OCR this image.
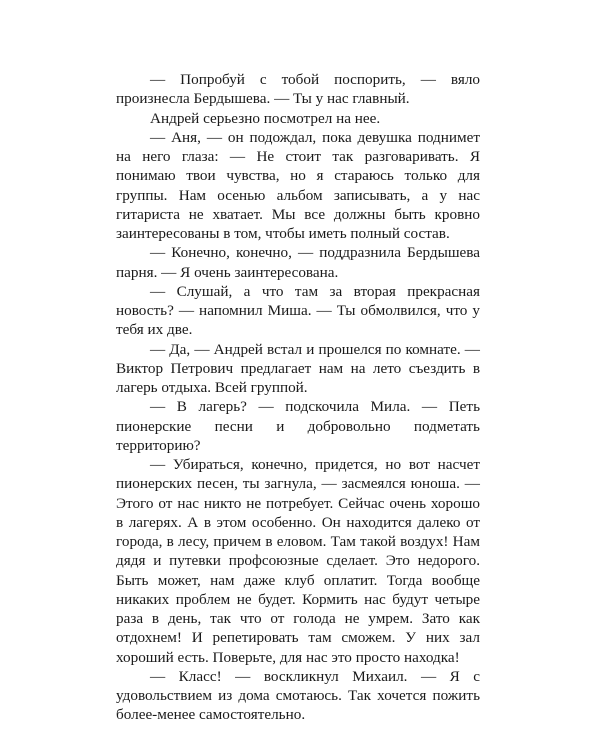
— Попробуй с тобой поспорить, — вяло произнесла Бердышева. — Ты у нас главный.

Андрей серьезно посмотрел на нее.

— Аня, — он подождал, пока девушка поднимет на него глаза: — Не стоит так разговаривать. Я понимаю твои чувства, но я стараюсь только для группы. Нам осенью альбом записывать, а у нас гитариста не хватает. Мы все должны быть кровно заинтересованы в том, чтобы иметь полный состав.

— Конечно, конечно, — поддразнила Бердышева парня. — Я очень заинтересована.

— Слушай, а что там за вторая прекрасная новость? — напомнил Миша. — Ты обмолвился, что у тебя их две.

— Да, — Андрей встал и прошелся по комнате. — Виктор Петрович предлагает нам на лето съездить в лагерь отдыха. Всей группой.

— В лагерь? — подскочила Мила. — Петь пионерские песни и добровольно подметать территорию?

— Убираться, конечно, придется, но вот насчет пионерских песен, ты загнула, — засмеялся юноша. — Этого от нас никто не потребует. Сейчас очень хорошо в лагерях. А в этом особенно. Он находится далеко от города, в лесу, причем в еловом. Там такой воздух! Нам дядя и путевки профсоюзные сделает. Это недорого. Быть может, нам даже клуб оплатит. Тогда вообще никаких проблем не будет. Кормить нас будут четыре раза в день, так что от голода не умрем. Зато как отдохнем! И репетировать там сможем. У них зал хороший есть. Поверьте, для нас это просто находка!

— Класс! — воскликнул Михаил. — Я с удовольствием из дома смотаюсь. Так хочется пожить более-менее самостоятельно.
